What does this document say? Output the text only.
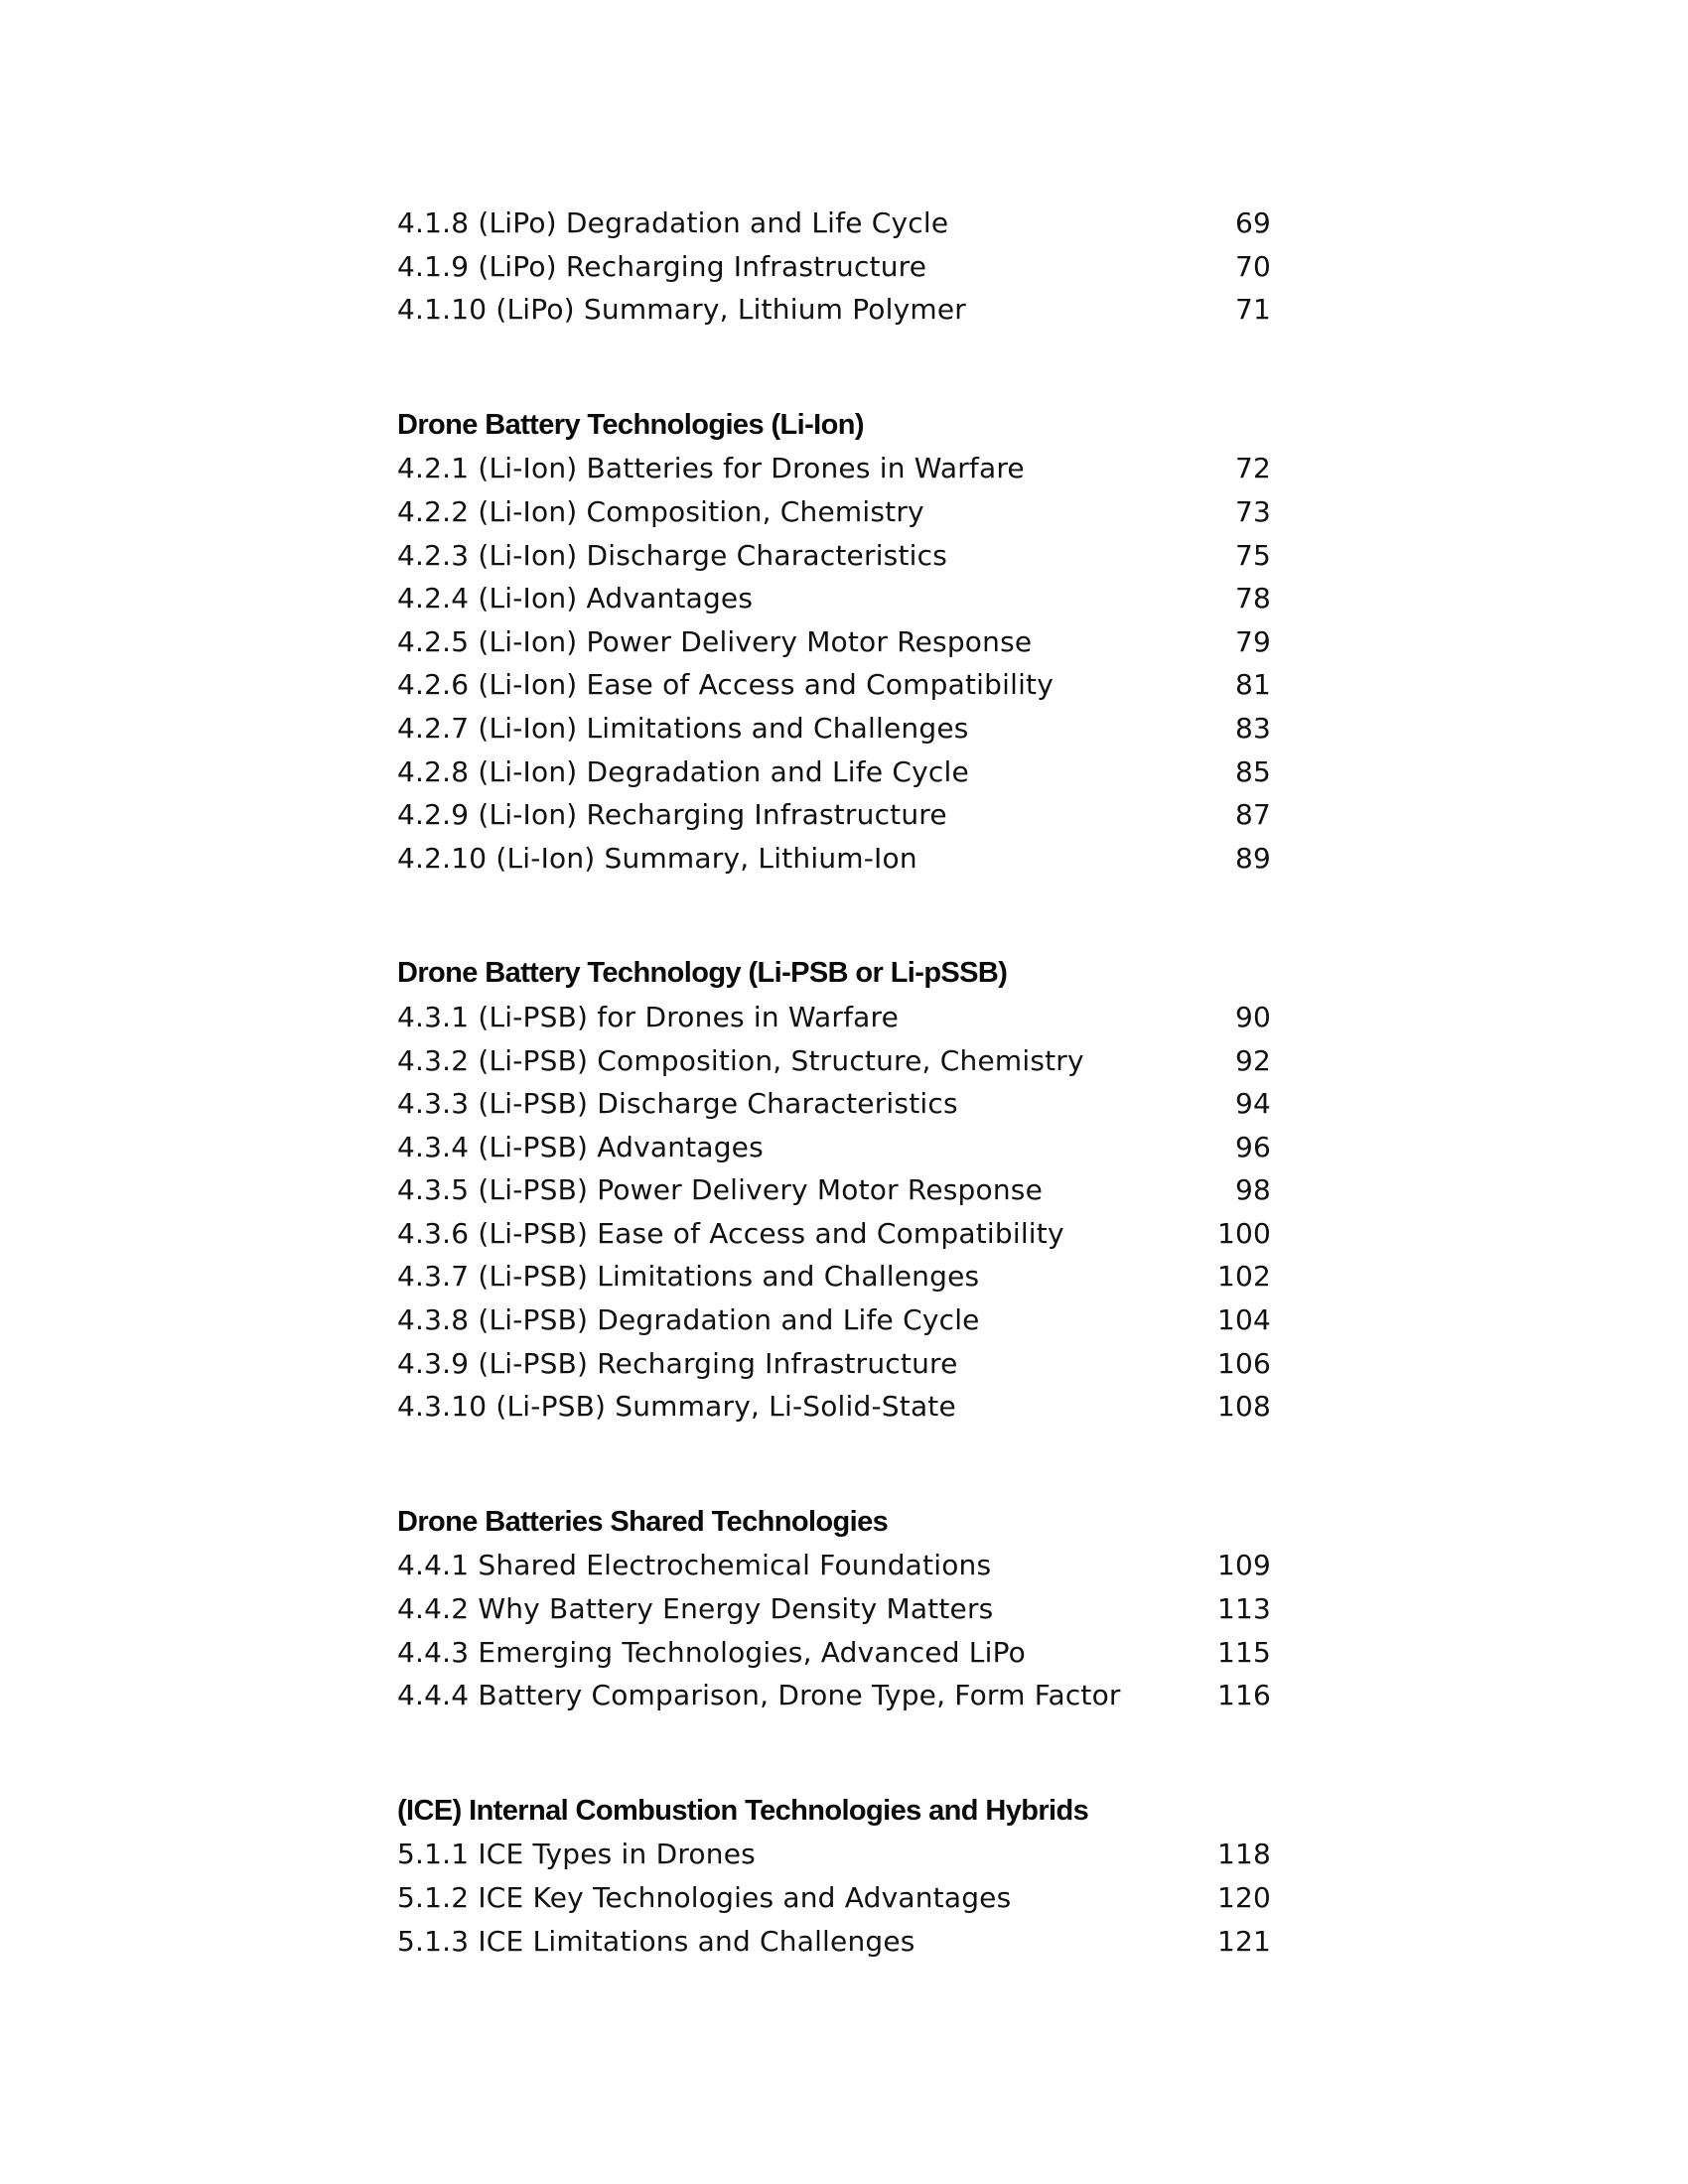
4.1.8 (LiPo) Degradation and Life Cycle	69
4.1.9 (LiPo) Recharging Infrastructure	70
4.1.10 (LiPo) Summary, Lithium Polymer	71
Drone Battery Technologies (Li-Ion)
4.2.1 (Li-Ion) Batteries for Drones in Warfare	72
4.2.2 (Li-Ion) Composition, Chemistry	73
4.2.3 (Li-Ion) Discharge Characteristics	75
4.2.4 (Li-Ion) Advantages	78
4.2.5 (Li-Ion) Power Delivery Motor Response	79
4.2.6 (Li-Ion) Ease of Access and Compatibility	81
4.2.7 (Li-Ion) Limitations and Challenges	83
4.2.8 (Li-Ion) Degradation and Life Cycle	85
4.2.9 (Li-Ion) Recharging Infrastructure	87
4.2.10 (Li-Ion) Summary, Lithium-Ion	89
Drone Battery Technology (Li-PSB or Li-pSSB)
4.3.1 (Li-PSB) for Drones in Warfare	90
4.3.2 (Li-PSB) Composition, Structure, Chemistry	92
4.3.3 (Li-PSB) Discharge Characteristics	94
4.3.4 (Li-PSB) Advantages	96
4.3.5 (Li-PSB) Power Delivery Motor Response	98
4.3.6 (Li-PSB) Ease of Access and Compatibility	100
4.3.7 (Li-PSB) Limitations and Challenges	102
4.3.8 (Li-PSB) Degradation and Life Cycle	104
4.3.9 (Li-PSB) Recharging Infrastructure	106
4.3.10 (Li-PSB) Summary, Li-Solid-State	108
Drone Batteries Shared Technologies
4.4.1 Shared Electrochemical Foundations	109
4.4.2 Why Battery Energy Density Matters	113
4.4.3 Emerging Technologies, Advanced LiPo	115
4.4.4 Battery Comparison, Drone Type, Form Factor	116
(ICE) Internal Combustion Technologies and Hybrids
5.1.1 ICE Types in Drones	118
5.1.2 ICE Key Technologies and Advantages	120
5.1.3 ICE Limitations and Challenges	121
